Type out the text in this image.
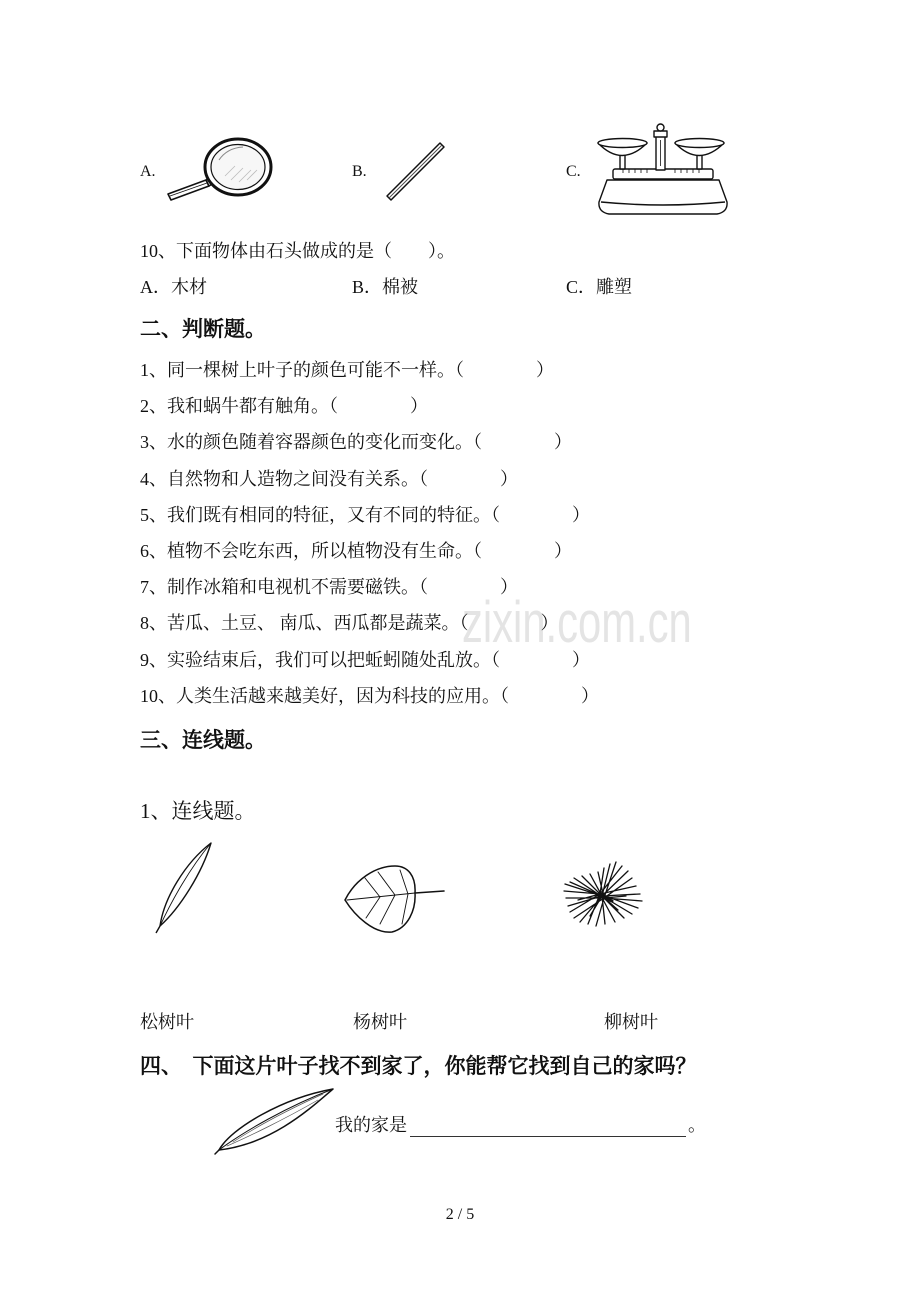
zixin.com.cn
A.	B.	C.
10、下面物体由石头做成的是（　　）。
A．木材	B．棉被	C．雕塑
二、判断题。
1、同一棵树上叶子的颜色可能不一样。（　　　　）
2、我和蜗牛都有触角。（　　　　）
3、水的颜色随着容器颜色的变化而变化。（　　　　）
4、自然物和人造物之间没有关系。（　　　　）
5、我们既有相同的特征，又有不同的特征。（　　　　）
6、植物不会吃东西，所以植物没有生命。（　　　　）
7、制作冰箱和电视机不需要磁铁。（　　　　）
8、苦瓜、土豆、 南瓜、西瓜都是蔬菜。（　　　　）
9、实验结束后，我们可以把蚯蚓随处乱放。（　　　　）
10、人类生活越来越美好，因为科技的应用。（　　　　）
三、连线题。
1、连线题。
松树叶	杨树叶	柳树叶
四、　下面这片叶子找不到家了，你能帮它找到自己的家吗？
我的家是	。
2 / 5
